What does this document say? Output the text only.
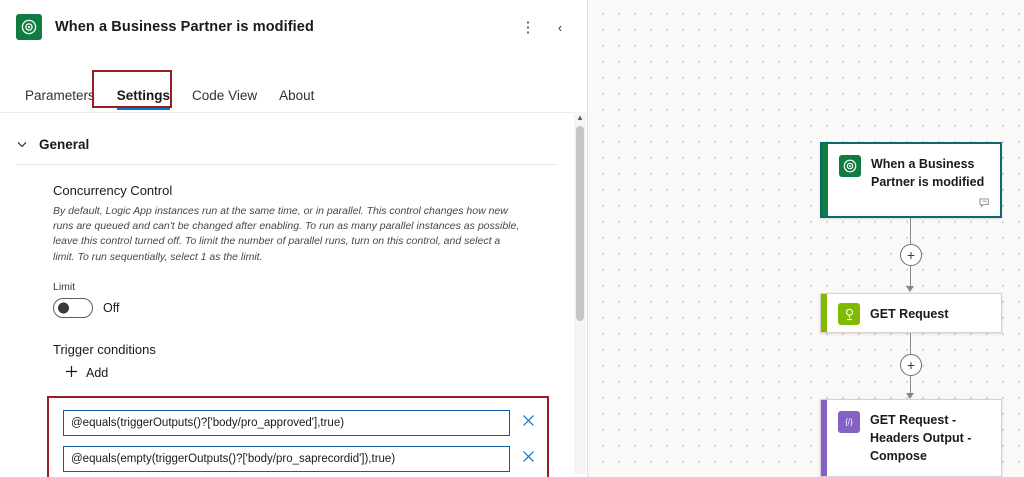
When a Business Partner is modified	⋮	‹
Parameters	Settings	Code View	About
General
Concurrency Control
By default, Logic App instances run at the same time, or in parallel. This control changes how new runs are queued and can't be changed after enabling. To run as many parallel instances as possible, leave this control turned off. To limit the number of parallel runs, turn on this control, and select a limit. To run sequentially, select 1 as the limit.
Limit
Off
Trigger conditions
Add
@equals(triggerOutputs()?['body/pro_approved'],true)
@equals(empty(triggerOutputs()?['body/pro_saprecordid']),true)
▲
When a Business Partner is modified
+
GET Request
+
{/} GET Request - Headers Output - Compose
